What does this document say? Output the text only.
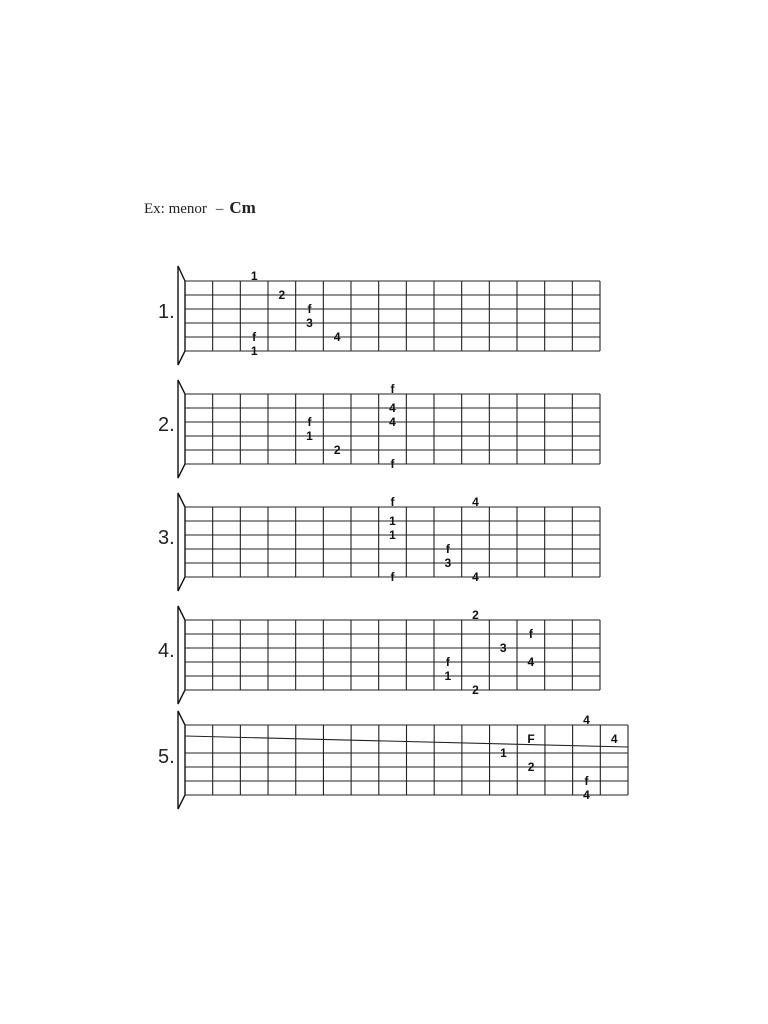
Ex: menor – Cm
1
2
f
3
4
f
1
1.
f
4
4
f
1
2
f
2.
f	4
1
1
f
3
f	4
3.
2
f
3
f	4
1
2
4.
4
F	4
1
2
f
4
5.
